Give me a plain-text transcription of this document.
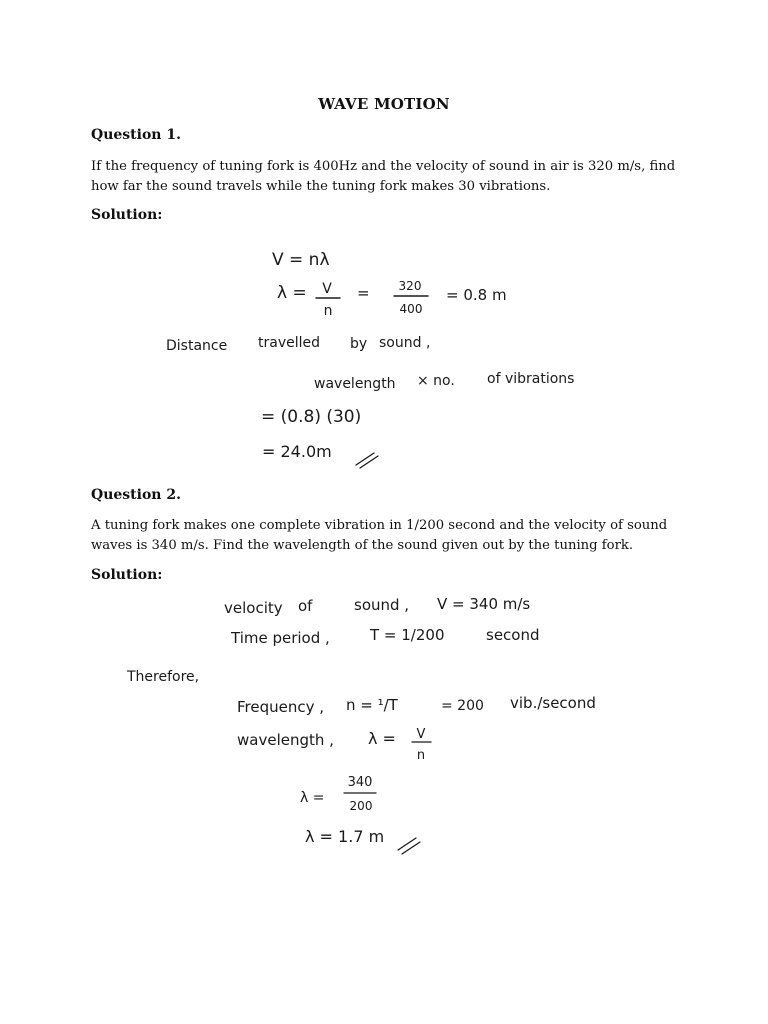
WAVE MOTION
Question 1.
If the frequency of tuning fork is 400Hz and the velocity of sound in air is 320 m/s, find
how far the sound travels while the tuning fork makes 30 vibrations.
Solution:
Question 2.
A tuning fork makes one complete vibration in 1/200 second and the velocity of sound
waves is 340 m/s. Find the wavelength of the sound given out by the tuning fork.
Solution:
V = nλ
λ = V
n
= 320
400
= 0.8 m
Distance travelled by sound ,
wavelength × no. of vibrations
= (0.8) (30)
= 24.0m
velocity of	sound , V = 340 m/s
Time period ,	T = 1/200	second
Therefore,
Frequency , n = ¹/T	= 200 vib./second
wavelength , λ = V
n
λ =
340
200
λ = 1.7 m
